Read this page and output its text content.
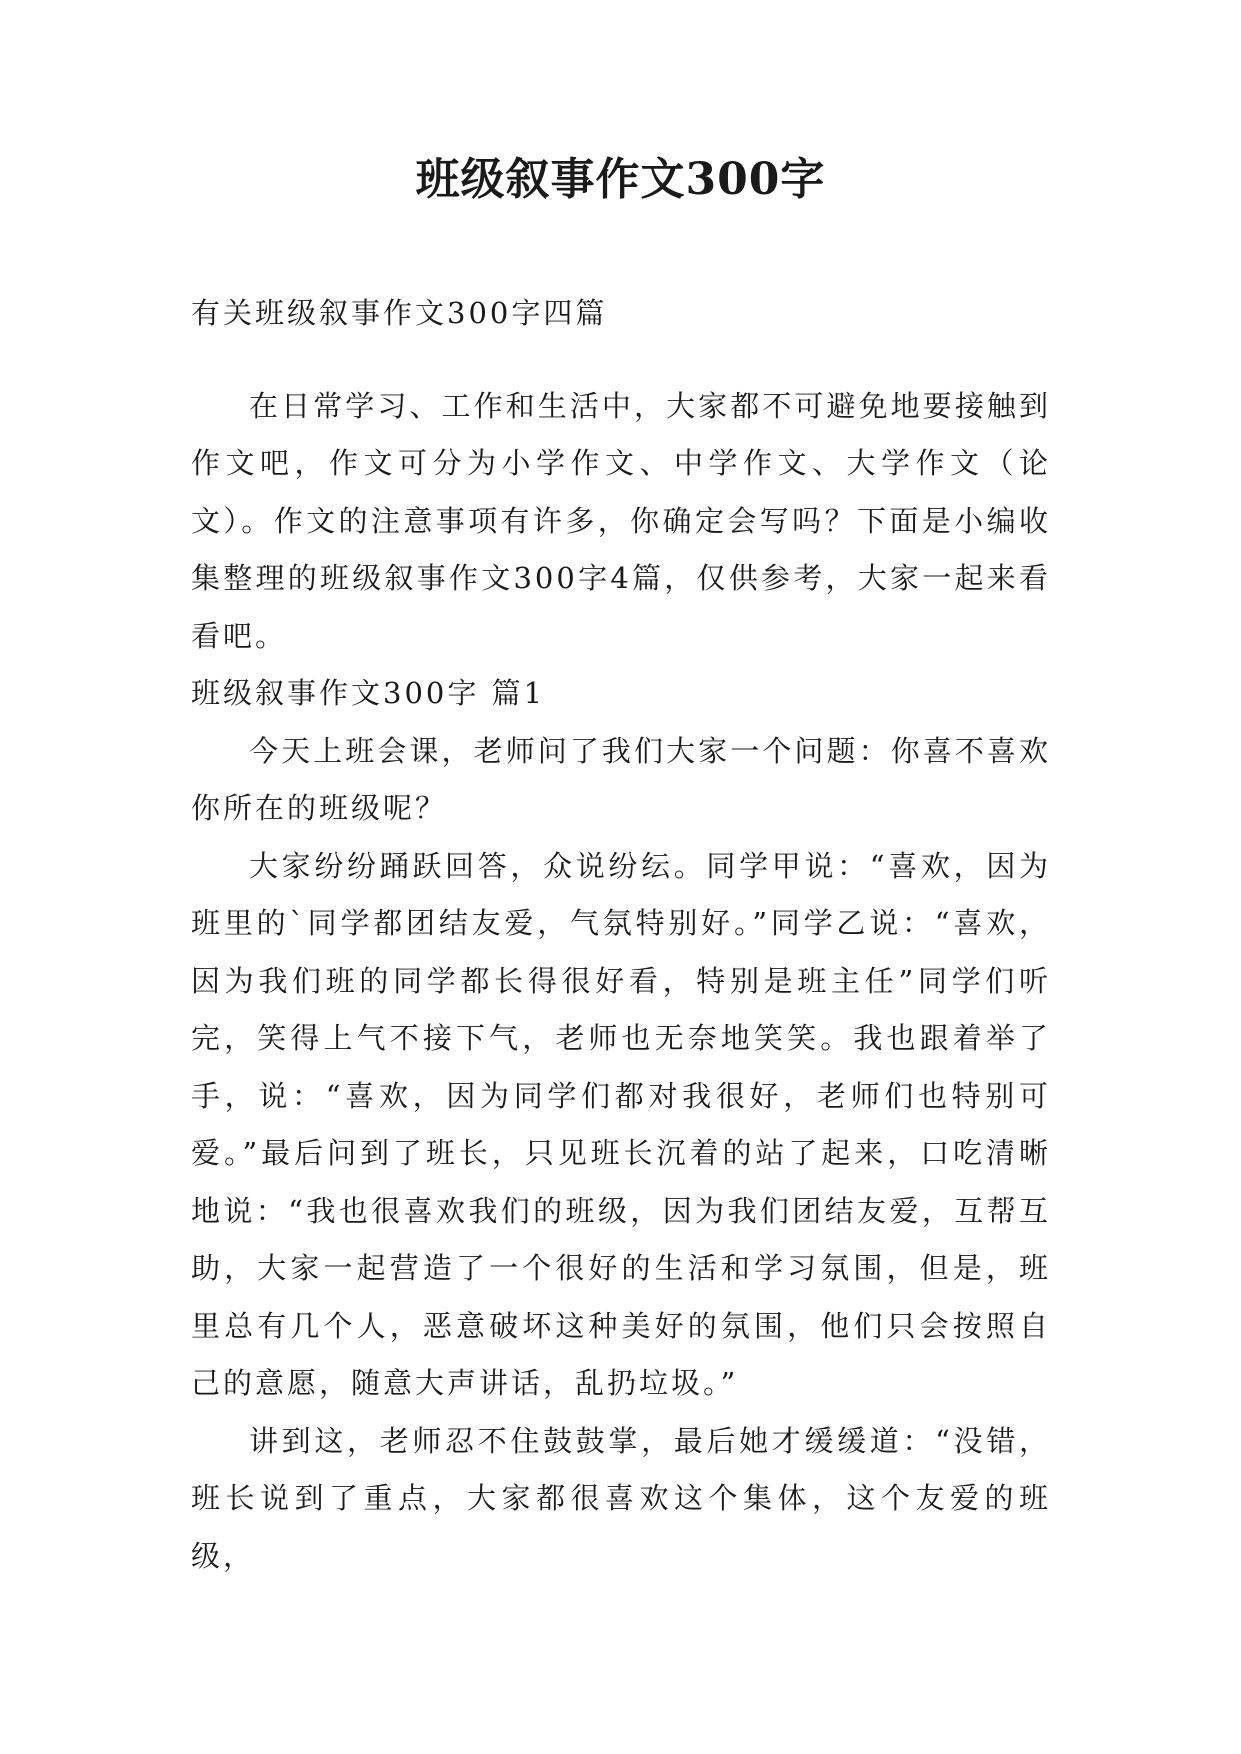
班级叙事作文300字

有关班级叙事作文300字四篇

在日常学习、工作和生活中，大家都不可避免地要接触到作文吧，作文可分为小学作文、中学作文、大学作文（论文）。作文的注意事项有许多，你确定会写吗？下面是小编收集整理的班级叙事作文300字4篇，仅供参考，大家一起来看看吧。

班级叙事作文300字 篇1

今天上班会课，老师问了我们大家一个问题：你喜不喜欢你所在的班级呢？

大家纷纷踊跃回答，众说纷纭。同学甲说：“喜欢，因为班里的`同学都团结友爱，气氛特别好。”同学乙说：“喜欢，因为我们班的同学都长得很好看，特别是班主任”同学们听完，笑得上气不接下气，老师也无奈地笑笑。我也跟着举了手，说：“喜欢，因为同学们都对我很好，老师们也特别可爱。”最后问到了班长，只见班长沉着的站了起来，口吃清晰地说：“我也很喜欢我们的班级，因为我们团结友爱，互帮互助，大家一起营造了一个很好的生活和学习氛围，但是，班里总有几个人，恶意破坏这种美好的氛围，他们只会按照自己的意愿，随意大声讲话，乱扔垃圾。”

讲到这，老师忍不住鼓鼓掌，最后她才缓缓道：“没错，班长说到了重点，大家都很喜欢这个集体，这个友爱的班级，
